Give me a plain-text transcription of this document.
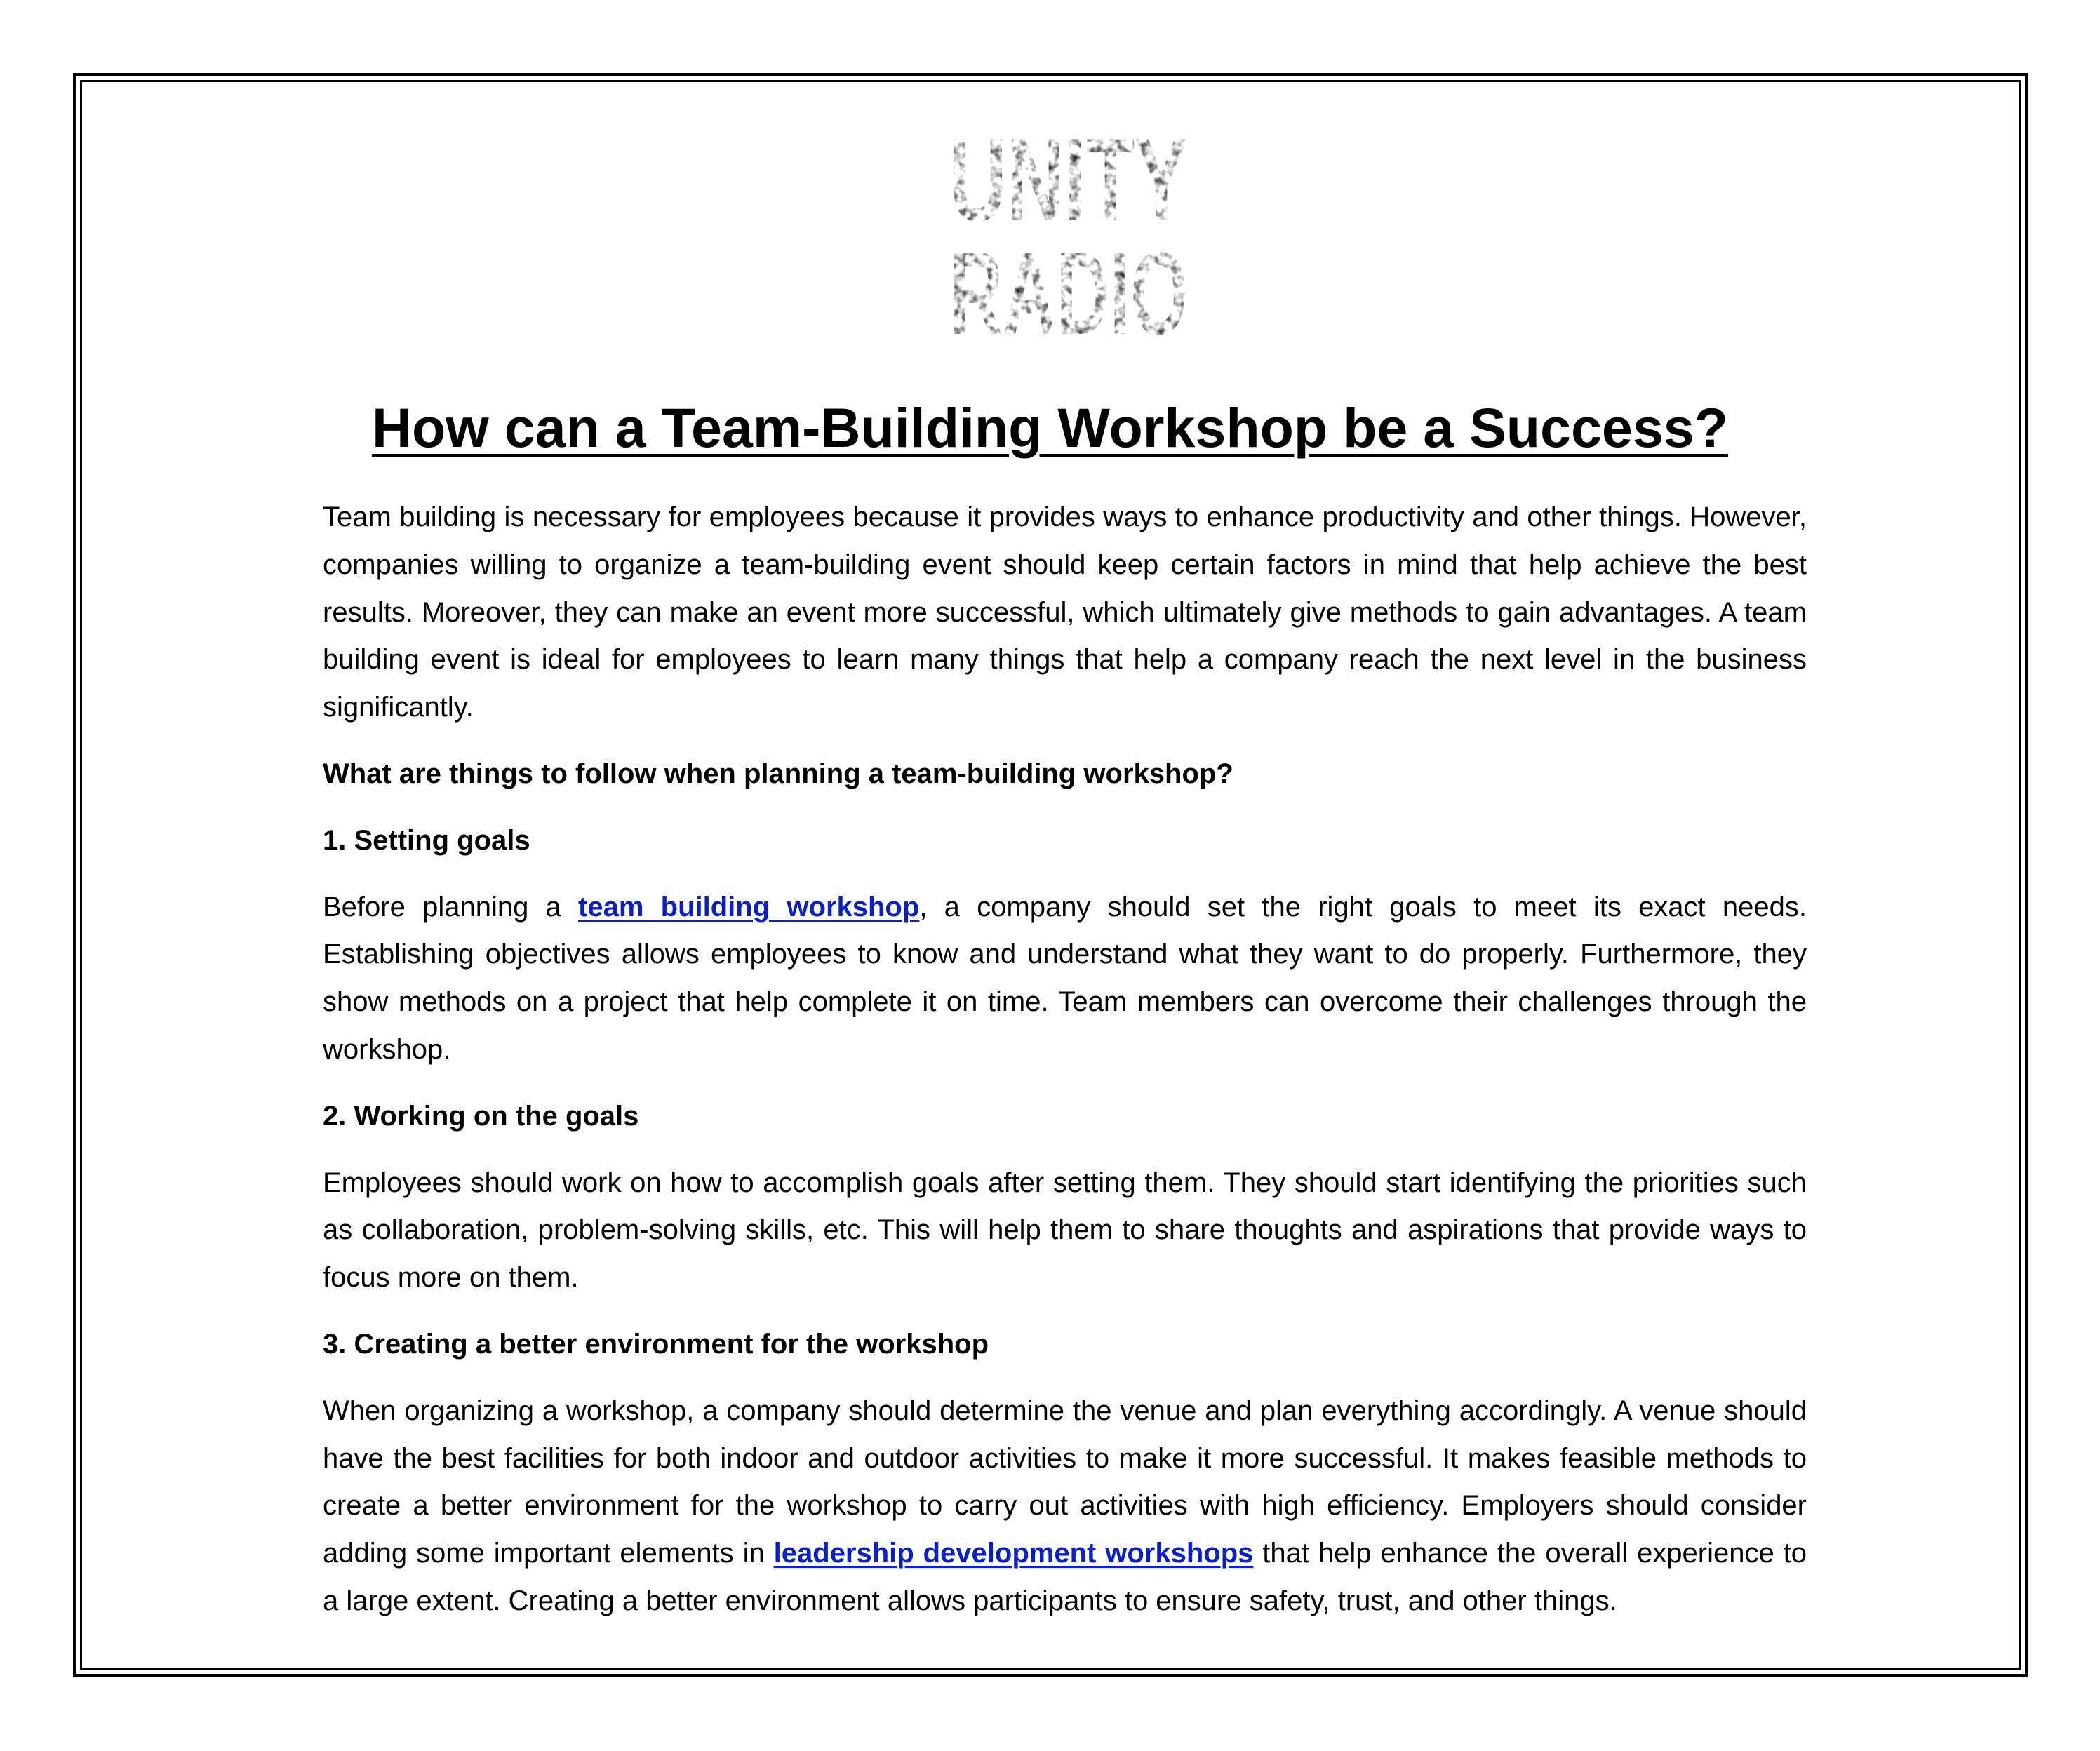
UNITY
RADIO
How can a Team-Building Workshop be a Success?

Team building is necessary for employees because it provides ways to enhance productivity and other things. However, companies willing to organize a team-building event should keep certain factors in mind that help achieve the best results. Moreover, they can make an event more successful, which ultimately give methods to gain advantages. A team building event is ideal for employees to learn many things that help a company reach the next level in the business significantly.

What are things to follow when planning a team-building workshop?
1. Setting goals

Before planning a team building workshop, a company should set the right goals to meet its exact needs. Establishing objectives allows employees to know and understand what they want to do properly. Furthermore, they show methods on a project that help complete it on time. Team members can overcome their challenges through the workshop.

2. Working on the goals

Employees should work on how to accomplish goals after setting them. They should start identifying the priorities such as collaboration, problem-solving skills, etc. This will help them to share thoughts and aspirations that provide ways to focus more on them.

3. Creating a better environment for the workshop

When organizing a workshop, a company should determine the venue and plan everything accordingly. A venue should have the best facilities for both indoor and outdoor activities to make it more successful. It makes feasible methods to create a better environment for the workshop to carry out activities with high efficiency. Employers should consider adding some important elements in leadership development workshops that help enhance the overall experience to a large extent. Creating a better environment allows participants to ensure safety, trust, and other things.
